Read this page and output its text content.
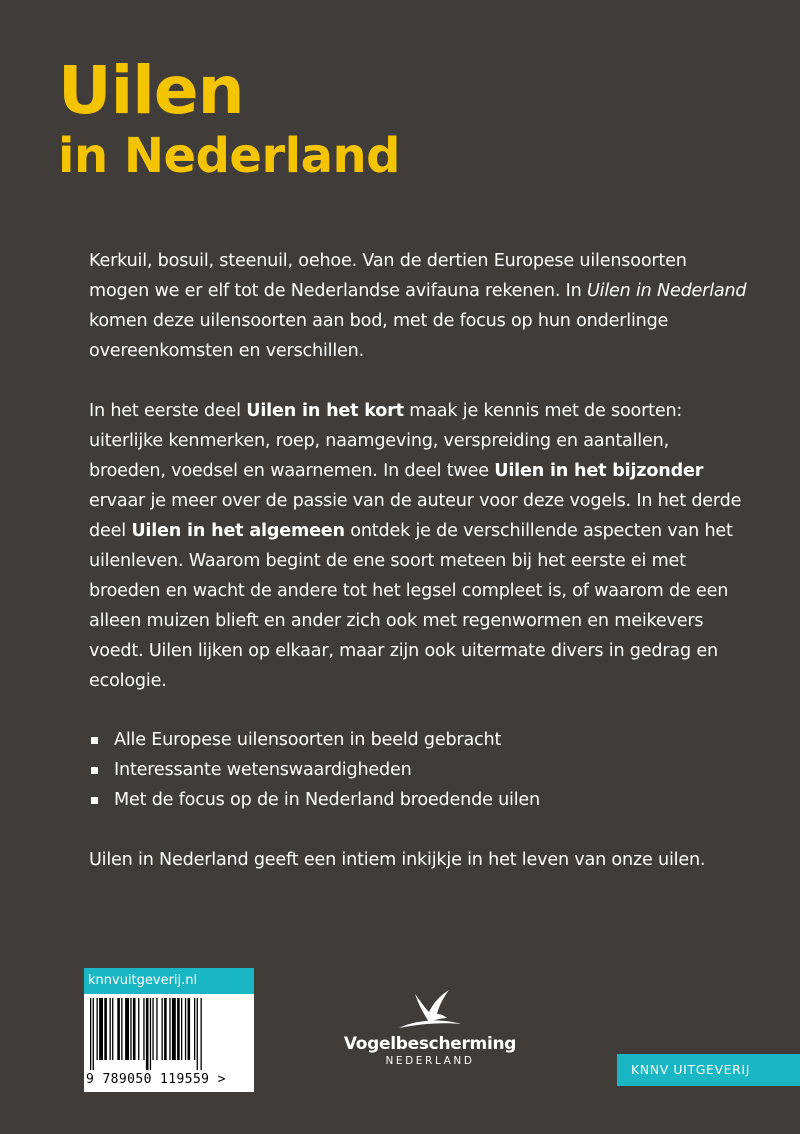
Uilen
in Nederland

Kerkuil, bosuil, steenuil, oehoe. Van de dertien Europese uilensoorten mogen we er elf tot de Nederlandse avifauna rekenen. In Uilen in Nederland komen deze uilensoorten aan bod, met de focus op hun onderlinge overeenkomsten en verschillen.

In het eerste deel Uilen in het kort maak je kennis met de soorten: uiterlijke kenmerken, roep, naamgeving, verspreiding en aantallen, broeden, voedsel en waarnemen. In deel twee Uilen in het bijzonder ervaar je meer over de passie van de auteur voor deze vogels. In het derde deel Uilen in het algemeen ontdek je de verschillende aspecten van het uilenleven. Waarom begint de ene soort meteen bij het eerste ei met broeden en wacht de andere tot het legsel compleet is, of waarom de een alleen muizen blieft en ander zich ook met regenwormen en meikevers voedt. Uilen lijken op elkaar, maar zijn ook uitermate divers in gedrag en ecologie.

Alle Europese uilensoorten in beeld gebracht
Interessante wetenswaardigheden
Met de focus op de in Nederland broedende uilen

Uilen in Nederland geeft een intiem inkijkje in het leven van onze uilen.

knnvuitgeverij.nl
9 789050 119559 >
Vogelbescherming
NEDERLAND
KNNV UITGEVERIJ
